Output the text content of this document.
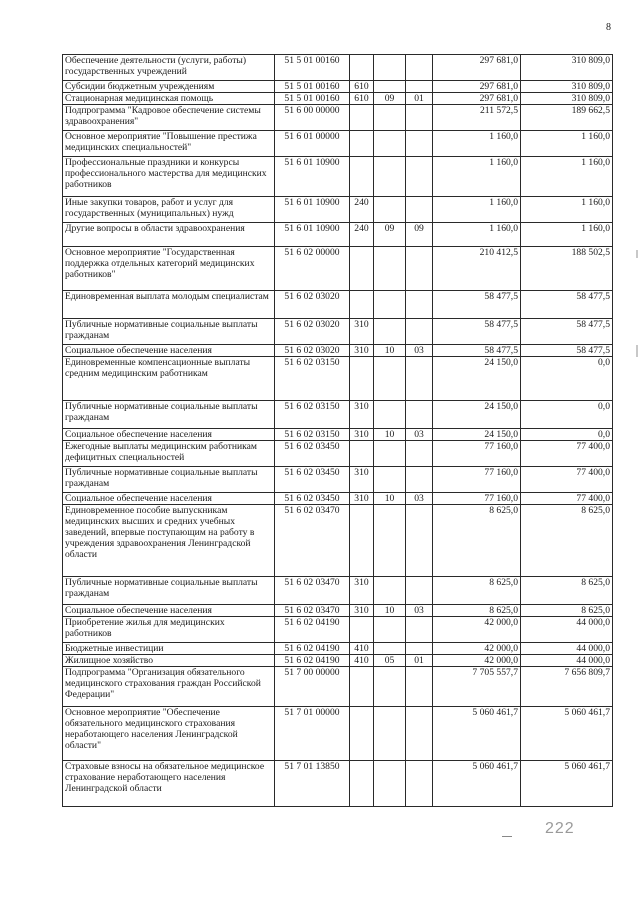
8
Обеспечение деятельности (услуги, работы) государственных учреждений	51 5 01 00160				297 681,0	310 809,0
Субсидии бюджетным учреждениям	51 5 01 00160	610			297 681,0	310 809,0
Стационарная медицинская помощь	51 5 01 00160	610	09	01	297 681,0	310 809,0
Подпрограмма "Кадровое обеспечение системы здравоохранения"	51 6 00 00000				211 572,5	189 662,5
Основное мероприятие "Повышение престижа медицинских специальностей"	51 6 01 00000				1 160,0	1 160,0
Профессиональные праздники и конкурсы профессионального мастерства для медицинских работников	51 6 01 10900				1 160,0	1 160,0
Иные закупки товаров, работ и услуг для государственных (муниципальных) нужд	51 6 01 10900	240			1 160,0	1 160,0
Другие вопросы в области здравоохранения	51 6 01 10900	240	09	09	1 160,0	1 160,0
Основное мероприятие "Государственная поддержка отдельных категорий медицинских работников"	51 6 02 00000				210 412,5	188 502,5
Единовременная выплата молодым специалистам	51 6 02 03020				58 477,5	58 477,5
Публичные нормативные социальные выплаты гражданам	51 6 02 03020	310			58 477,5	58 477,5
Социальное обеспечение населения	51 6 02 03020	310	10	03	58 477,5	58 477,5
Единовременные компенсационные выплаты средним медицинским работникам	51 6 02 03150				24 150,0	0,0
Публичные нормативные социальные выплаты гражданам	51 6 02 03150	310			24 150,0	0,0
Социальное обеспечение населения	51 6 02 03150	310	10	03	24 150,0	0,0
Ежегодные выплаты медицинским работникам дефицитных специальностей	51 6 02 03450				77 160,0	77 400,0
Публичные нормативные социальные выплаты гражданам	51 6 02 03450	310			77 160,0	77 400,0
Социальное обеспечение населения	51 6 02 03450	310	10	03	77 160,0	77 400,0
Единовременное пособие выпускникам медицинских высших и средних учебных заведений, впервые поступающим на работу в учреждения здравоохранения Ленинградской области	51 6 02 03470				8 625,0	8 625,0
Публичные нормативные социальные выплаты гражданам	51 6 02 03470	310			8 625,0	8 625,0
Социальное обеспечение населения	51 6 02 03470	310	10	03	8 625,0	8 625,0
Приобретение жилья для медицинских работников	51 6 02 04190				42 000,0	44 000,0
Бюджетные инвестиции	51 6 02 04190	410			42 000,0	44 000,0
Жилищное хозяйство	51 6 02 04190	410	05	01	42 000,0	44 000,0
Подпрограмма "Организация обязательного медицинского страхования граждан Российской Федерации"	51 7 00 00000				7 705 557,7	7 656 809,7
Основное мероприятие "Обеспечение обязательного медицинского страхования неработающего населения Ленинградской области"	51 7 01 00000				5 060 461,7	5 060 461,7
Страховые взносы на обязательное медицинское страхование неработающего населения Ленинградской области	51 7 01 13850				5 060 461,7	5 060 461,7
222
